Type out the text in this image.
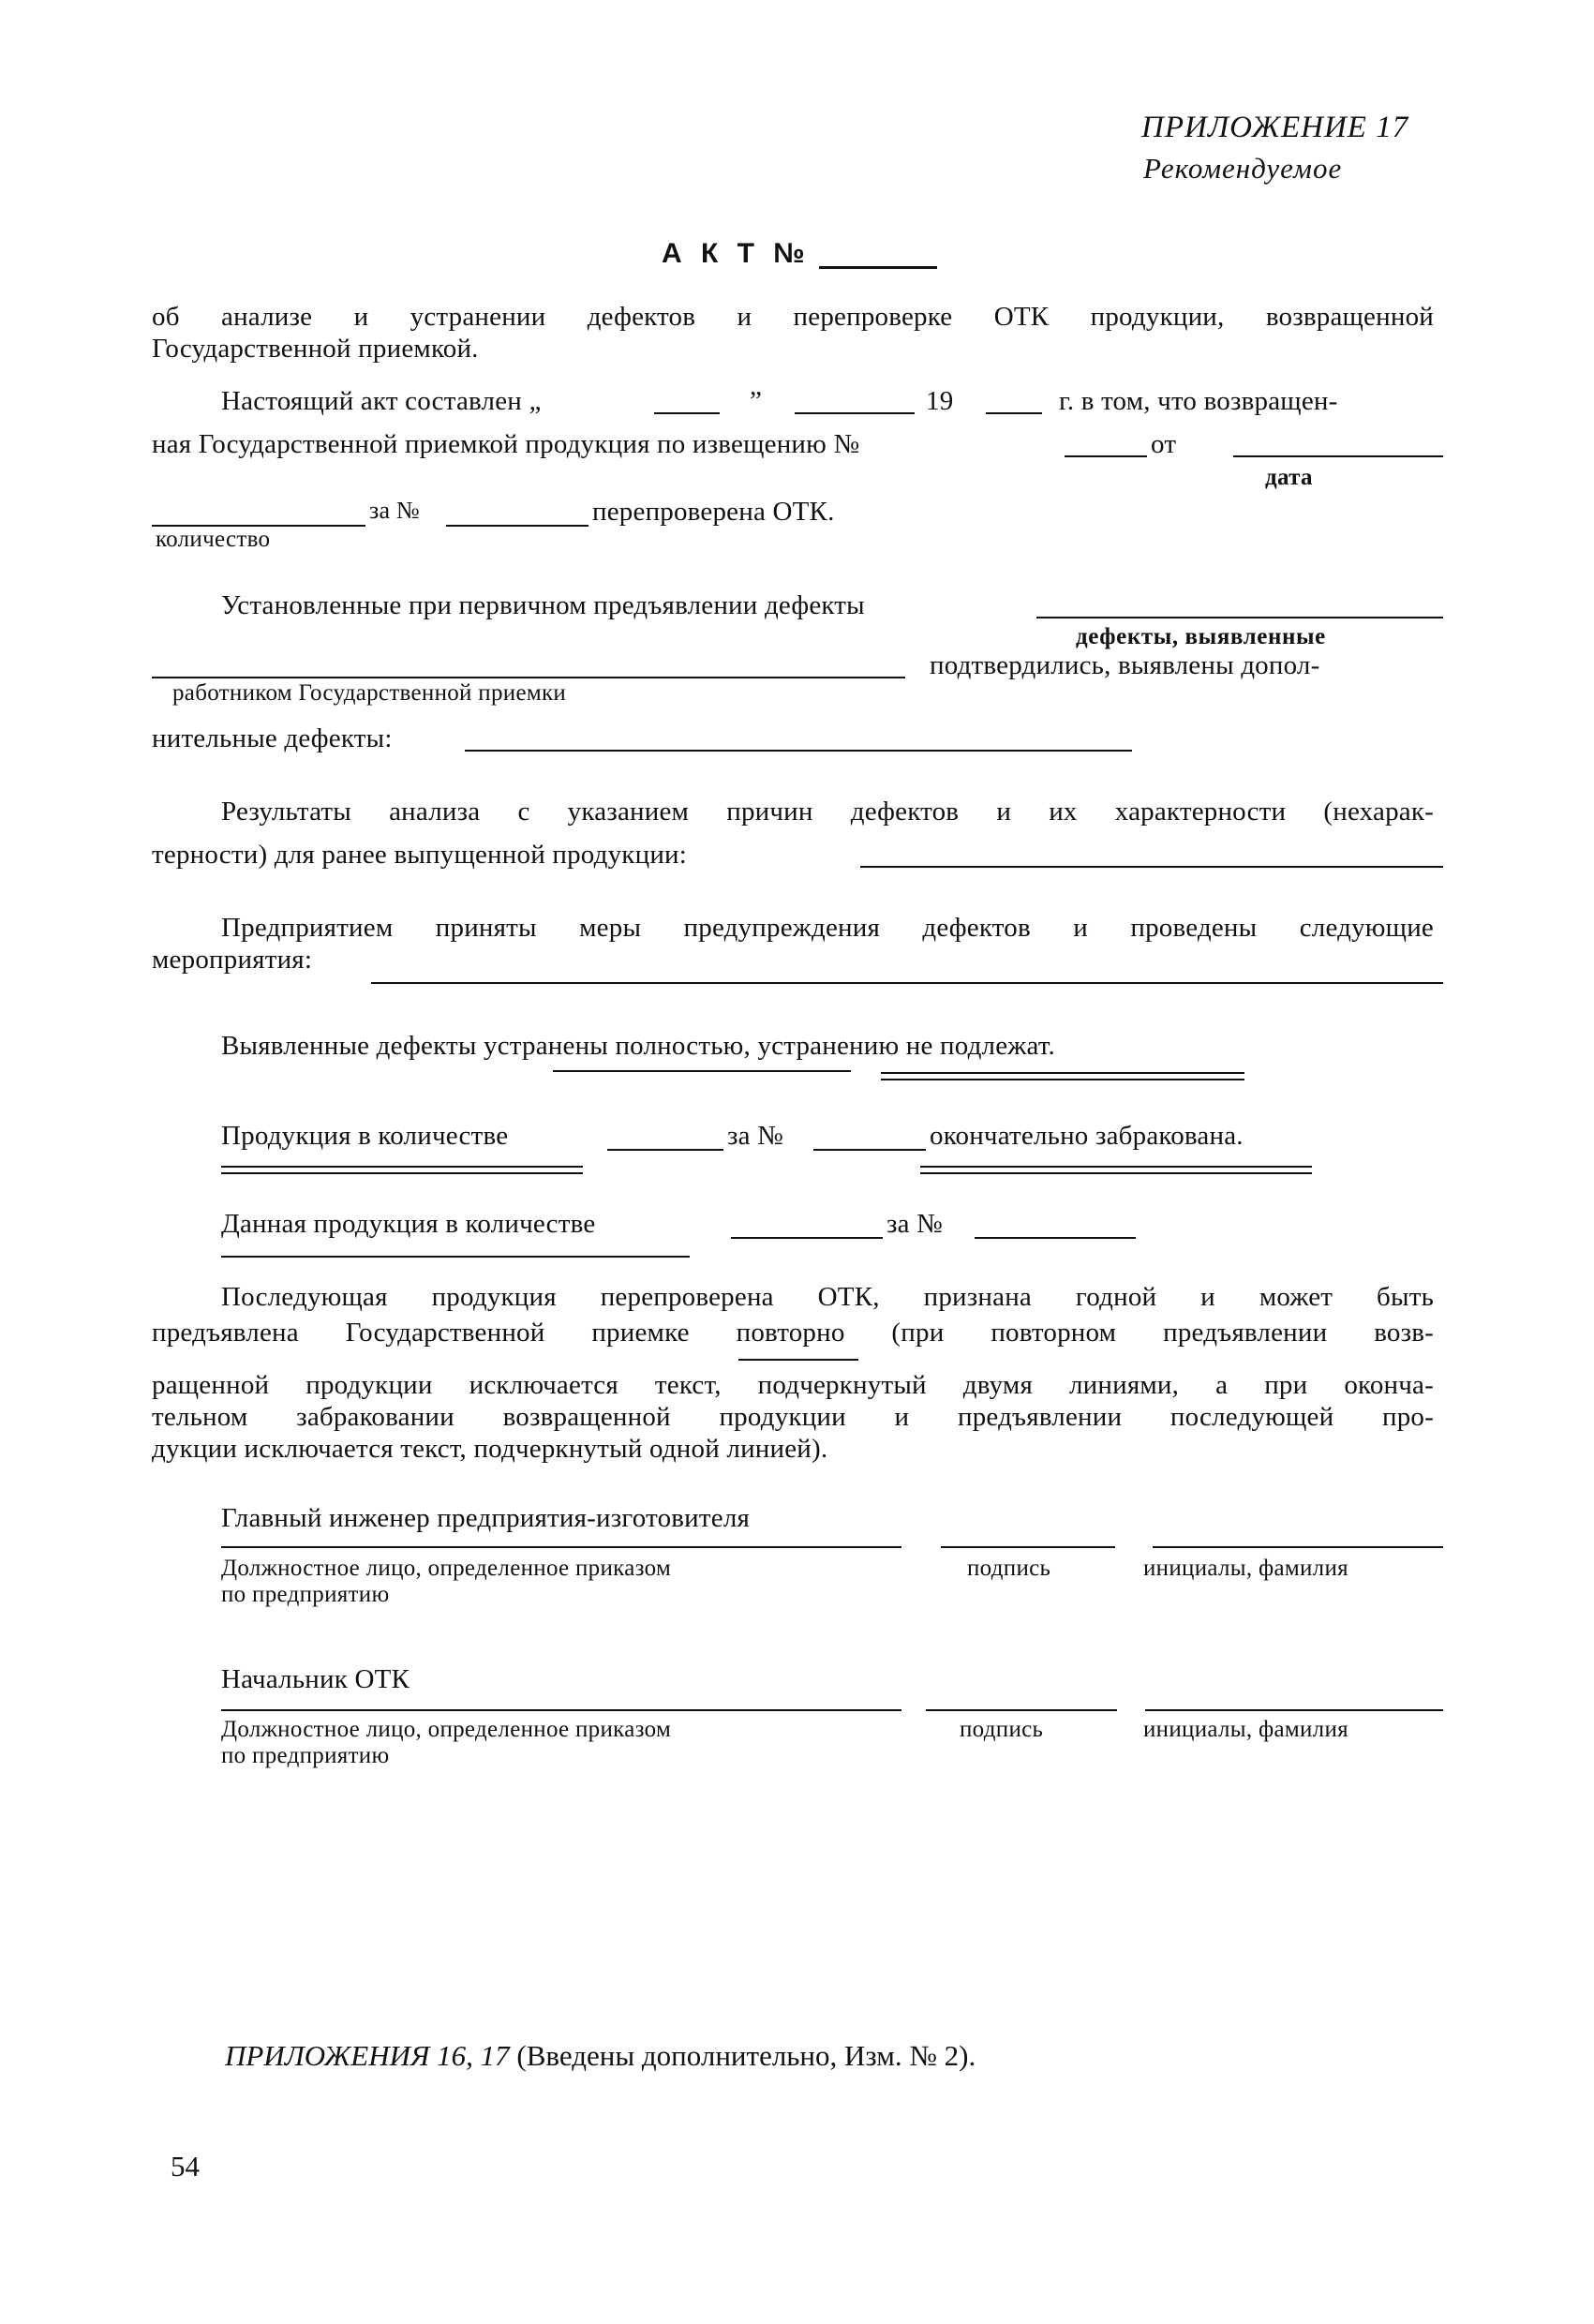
ПРИЛОЖЕНИЕ 17
Рекомендуемое
А К Т №
об анализе и устранении дефектов и перепроверке ОТК продукции, возвращенной
Государственной приемкой.
Настоящий акт составлен „	”	19	г. в том, что возвращен-
ная Государственной приемкой продукция по извещению №	от
дата
за №	перепроверена ОТК.
количество
Установленные при первичном предъявлении дефекты
дефекты, выявленные
подтвердились, выявлены допол-
работником Государственной приемки
нительные дефекты:
Результаты анализа с указанием причин дефектов и их характерности (нехарак-
терности) для ранее выпущенной продукции:
Предприятием приняты меры предупреждения дефектов и проведены следующие
мероприятия:
Выявленные дефекты устранены полностью, устранению не подлежат.
Продукция в количестве	за №	окончательно забракована.
Данная продукция в количестве	за №
Последующая продукция перепроверена ОТК, признана годной и может быть
предъявлена Государственной приемке повторно (при повторном предъявлении возв-
ращенной продукции исключается текст, подчеркнутый двумя линиями, а при оконча-
тельном забраковании возвращенной продукции и предъявлении последующей про-
дукции исключается текст, подчеркнутый одной линией).
Главный инженер предприятия-изготовителя
Должностное лицо, определенное приказом
по предприятию
подпись	инициалы, фамилия
Начальник ОТК
Должностное лицо, определенное приказом
по предприятию
подпись	инициалы, фамилия
ПРИЛОЖЕНИЯ 16, 17 (Введены дополнительно, Изм. № 2).
54
